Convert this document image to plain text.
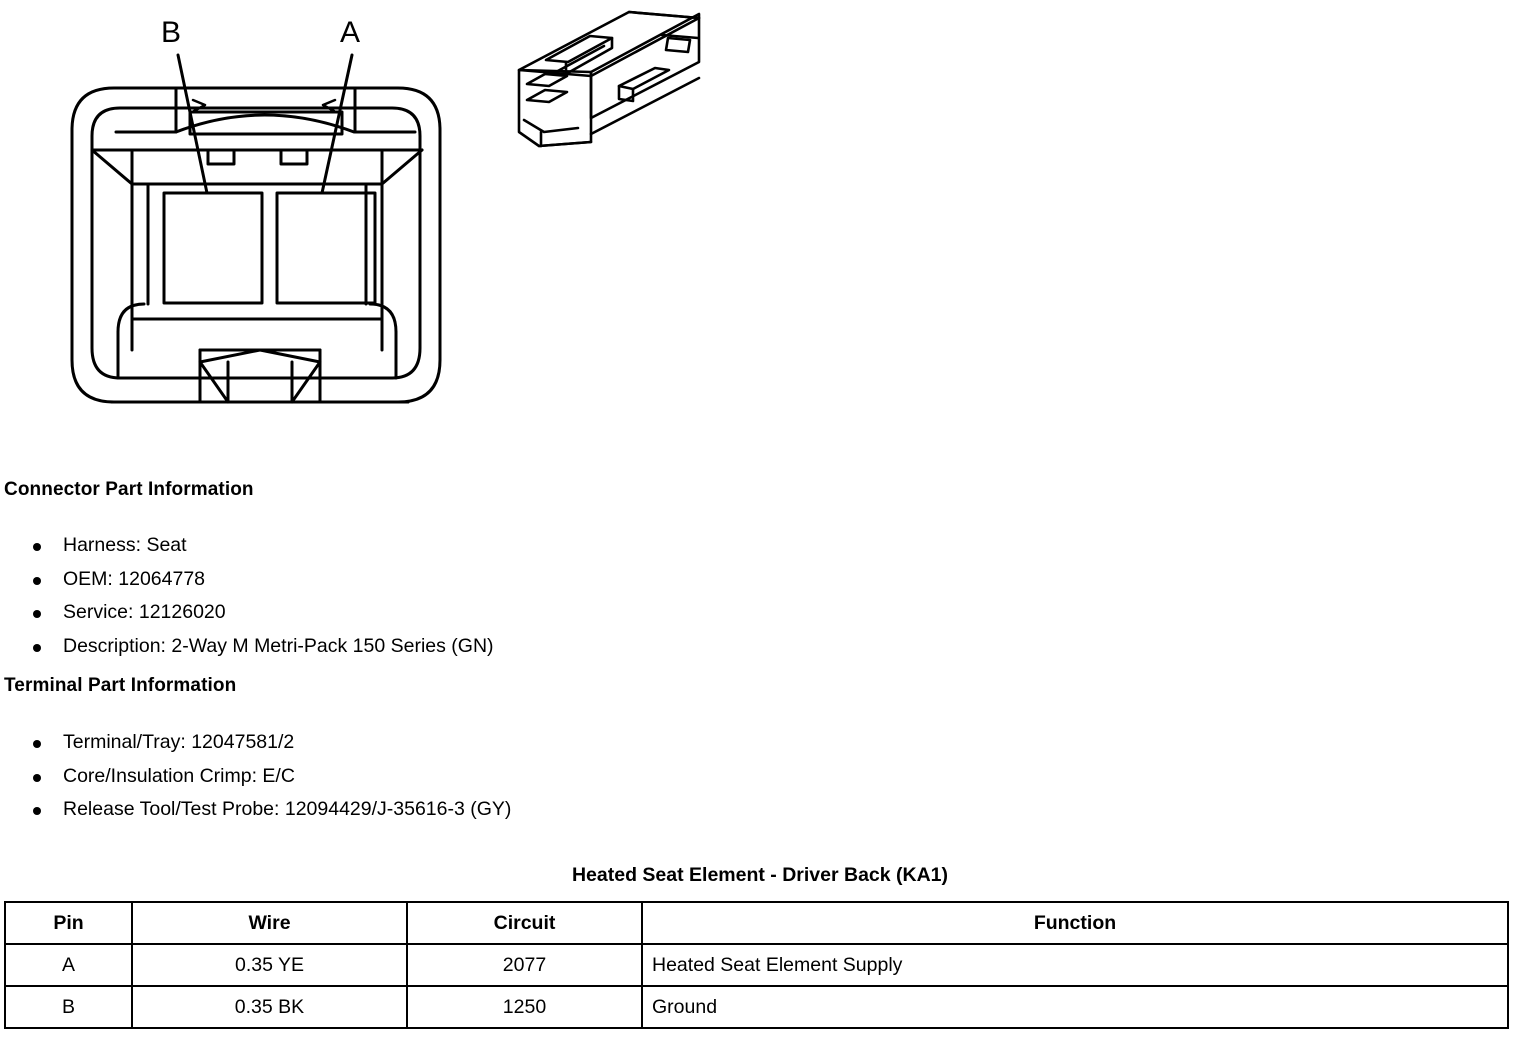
B	A
Connector Part Information
Harness: Seat
OEM: 12064778
Service: 12126020
Description: 2-Way M Metri-Pack 150 Series (GN)
Terminal Part Information
Terminal/Tray: 12047581/2
Core/Insulation Crimp: E/C
Release Tool/Test Probe: 12094429/J-35616-3 (GY)
Heated Seat Element - Driver Back (KA1)
Pin	Wire	Circuit	Function
A	0.35 YE	2077	Heated Seat Element Supply
B	0.35 BK	1250	Ground
